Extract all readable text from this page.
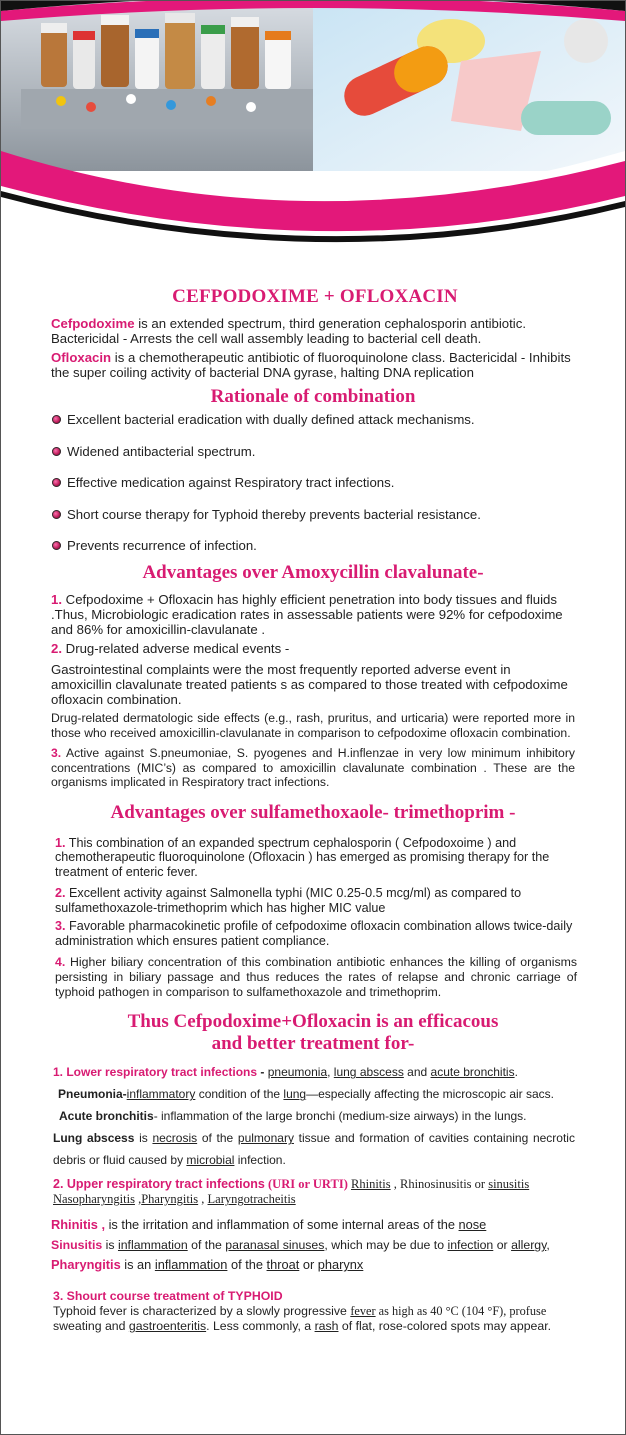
CEFPODOXIME + OFLOXACIN

Cefpodoxime is an extended spectrum, third generation cephalosporin antibiotic. Bactericidal - Arrests the cell wall assembly leading to bacterial cell death.

Ofloxacin is a chemotherapeutic antibiotic of fluoroquinolone class. Bactericidal - Inhibits the super coiling activity of bacterial DNA gyrase, halting DNA replication

Rationale of combination
Excellent bacterial eradication with dually defined attack mechanisms.
Widened antibacterial spectrum.
Effective medication against Respiratory tract infections.
Short course therapy for Typhoid thereby prevents bacterial resistance.
Prevents recurrence of infection.
Advantages over Amoxycillin clavalunate-

1. Cefpodoxime + Ofloxacin has highly efficient penetration into body tissues and fluids .Thus, Microbiologic eradication rates in assessable patients were 92% for cefpodoxime and 86% for amoxicillin-clavulanate .

2. Drug-related adverse medical events -

Gastrointestinal complaints were the most frequently reported adverse event in amoxicillin clavalunate treated patients s as compared to those treated with cefpodoxime ofloxacin combination.

Drug-related dermatologic side effects (e.g., rash, pruritus, and urticaria) were reported more in those who received amoxicillin-clavulanate in comparison to cefpodoxime ofloxacin combination.

3. Active against S.pneumoniae, S. pyogenes and H.inflenzae in very low minimum inhibitory concentrations (MIC’s) as compared to amoxicillin clavalunate combination . These are the organisms implicated in Respiratory tract infections.

Advantages over sulfamethoxaole- trimethoprim -

1. This combination of an expanded spectrum cephalosporin ( Cefpodoxoime ) and chemotherapeutic fluoroquinolone (Ofloxacin ) has emerged as promising therapy for the treatment of enteric fever.

2. Excellent activity against Salmonella typhi (MIC 0.25-0.5 mcg/ml) as compared to sulfamethoxazole-trimethoprim which has higher MIC value

3. Favorable pharmacokinetic profile of cefpodoxime ofloxacin combination allows twice-daily administration which ensures patient compliance.

4. Higher biliary concentration of this combination antibiotic enhances the killing of organisms persisting in biliary passage and thus reduces the rates of relapse and chronic carriage of typhoid pathogen in comparison to sulfamethoxazole and trimethoprim.

Thus Cefpodoxime+Ofloxacin is an efficacous
and better treatment for-
1. Lower respiratory tract infections - pneumonia, lung abscess and acute bronchitis.
Pneumonia-inflammatory condition of the lung—especially affecting the microscopic air sacs.
Acute bronchitis- inflammation of the large bronchi (medium-size airways) in the lungs.
Lung abscess is necrosis of the pulmonary tissue and formation of cavities containing necrotic debris or fluid caused by microbial infection.
2. Upper respiratory tract infections (URI or URTI) Rhinitis , Rhinosinusitis or sinusitis
Nasopharyngitis ,Pharyngitis , Laryngotracheitis
Rhinitis , is the irritation and inflammation of some internal areas of the nose
Sinusitis is inflammation of the paranasal sinuses, which may be due to infection or allergy,
Pharyngitis is an inflammation of the throat or pharynx
3. Shourt course treatment of TYPHOID
Typhoid fever is characterized by a slowly progressive fever as high as 40 °C (104 °F), profuse
sweating and gastroenteritis. Less commonly, a rash of flat, rose-colored spots may appear.
